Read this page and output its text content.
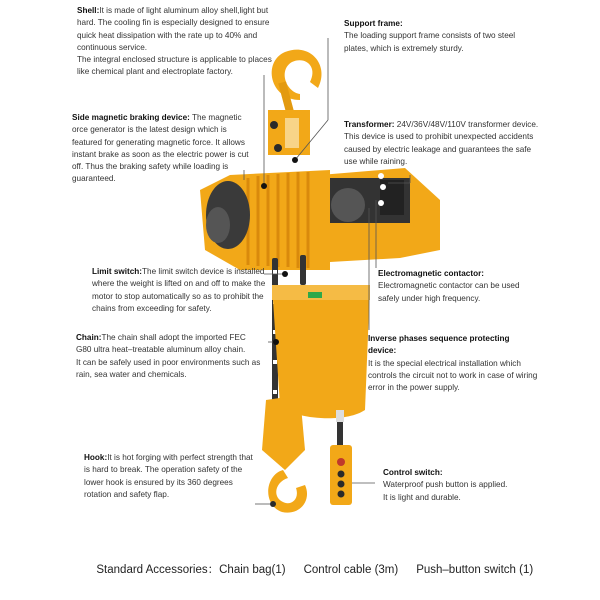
Shell:It is made of light aluminum alloy shell,light but hard. The cooling fin is especially designed to ensure quick heat dissipation with the rate up to 40% and continuous service.
The integral enclosed structure is applicable to places like chemical plant and electroplate factory.
Support frame:
The loading support frame consists of two steel plates, which is extremely sturdy.
Side magnetic braking device: The magnetic orce generator is the latest design which is featured for generating magnetic force. It allows instant brake as soon as the electric power is cut off. Thus the braking safety while loading is guaranteed.
Transformer: 24V/36V/48V/110V transformer device. This device is used to prohibit unexpected accidents caused by electric leakage and guarantees the safe use while raining.
Limit switch:The limit switch device is installed where the weight is lifted on and off to make the motor to stop automatically so as to prohibit the chains from exceeding for safety.
Electromagnetic contactor:
Electromagnetic contactor can be used safely under high frequency.
Chain:The chain shall adopt the imported FEC G80 ultra heat–treatable aluminum alloy chain.
It can be safely used in poor environments such as rain, sea water and chemicals.
Inverse phases sequence protecting device:
It is the special electrical installation which controls the circuit not to work in case of wiring error in the power supply.
Hook:It is hot forging with perfect strength that is hard to break. The operation safety of the lower hook is ensured by its 360 degrees rotation and safety flap.
Control switch:
Waterproof push button is applied.
It is light and durable.

Standard Accessories：Chain bag(1) Control cable (3m) Push–button switch (1)
